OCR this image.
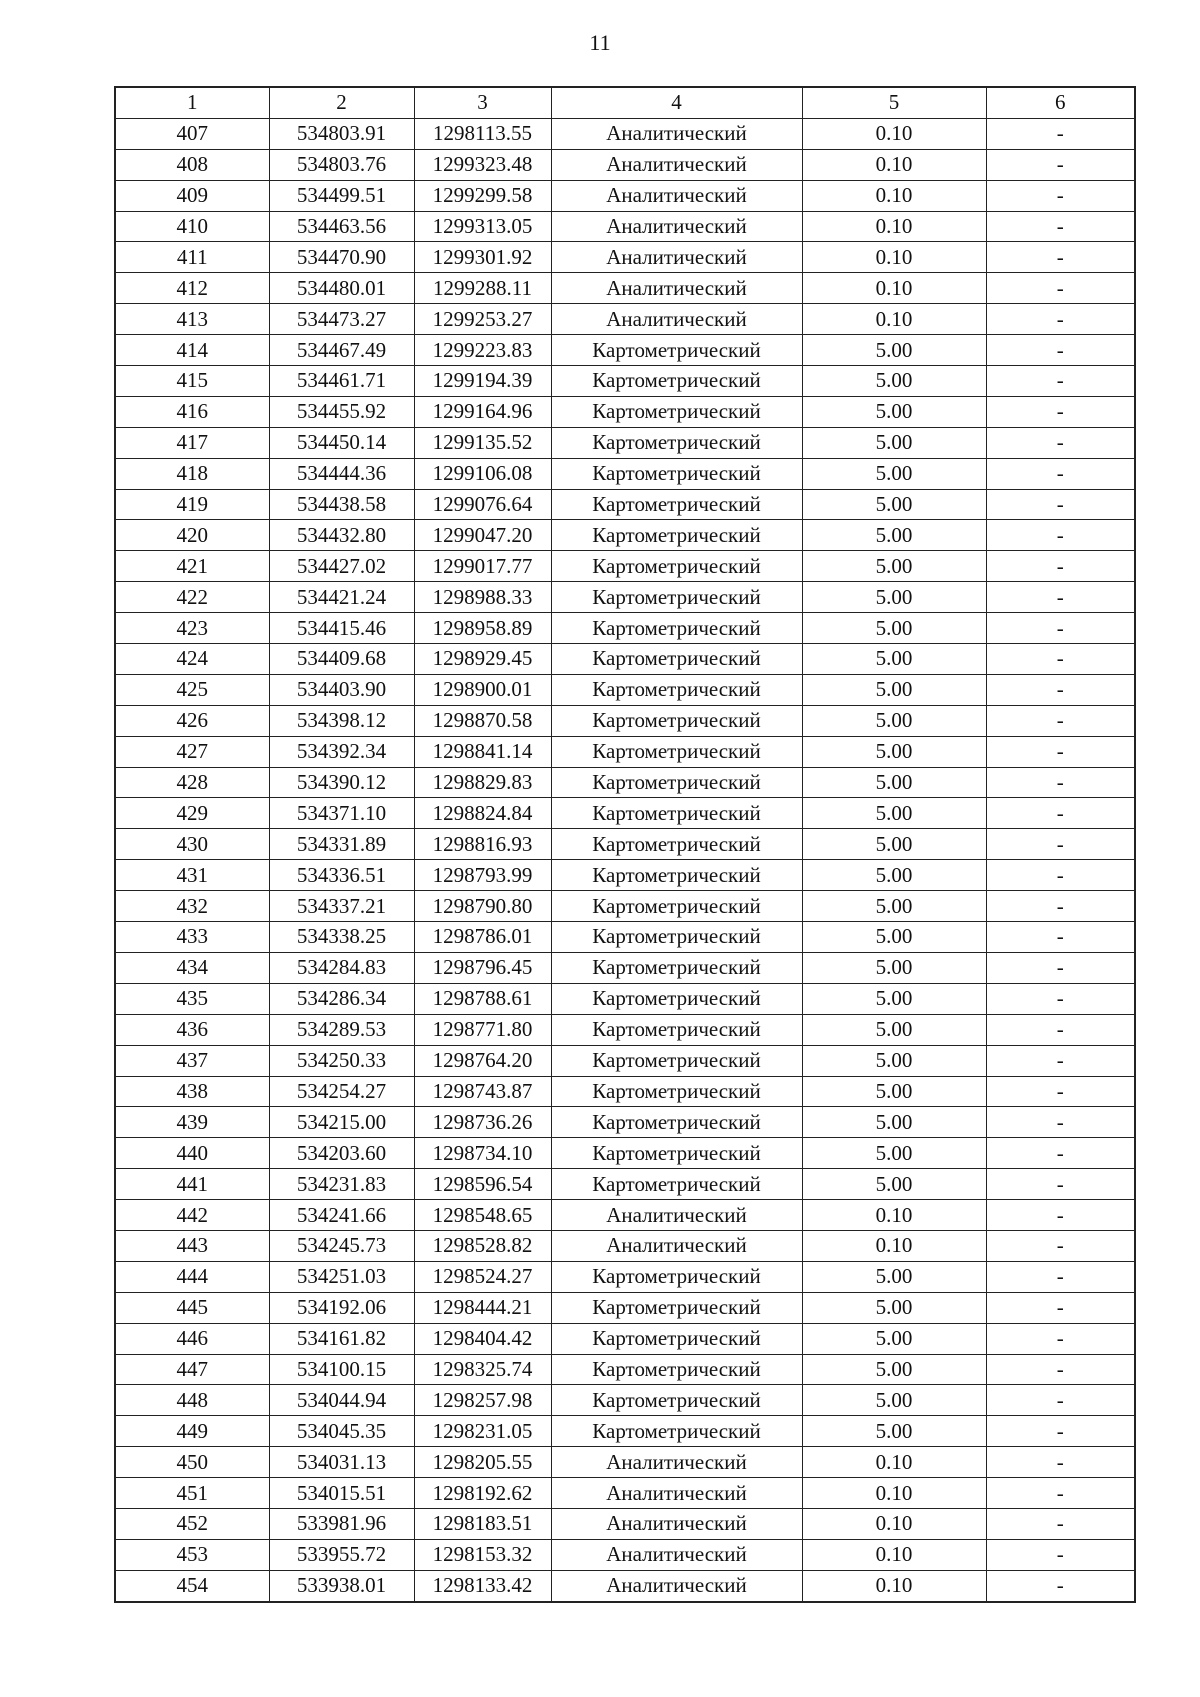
11
1	2	3	4	5	6
407	534803.91	1298113.55	Аналитический	0.10	-
408	534803.76	1299323.48	Аналитический	0.10	-
409	534499.51	1299299.58	Аналитический	0.10	-
410	534463.56	1299313.05	Аналитический	0.10	-
411	534470.90	1299301.92	Аналитический	0.10	-
412	534480.01	1299288.11	Аналитический	0.10	-
413	534473.27	1299253.27	Аналитический	0.10	-
414	534467.49	1299223.83	Картометрический	5.00	-
415	534461.71	1299194.39	Картометрический	5.00	-
416	534455.92	1299164.96	Картометрический	5.00	-
417	534450.14	1299135.52	Картометрический	5.00	-
418	534444.36	1299106.08	Картометрический	5.00	-
419	534438.58	1299076.64	Картометрический	5.00	-
420	534432.80	1299047.20	Картометрический	5.00	-
421	534427.02	1299017.77	Картометрический	5.00	-
422	534421.24	1298988.33	Картометрический	5.00	-
423	534415.46	1298958.89	Картометрический	5.00	-
424	534409.68	1298929.45	Картометрический	5.00	-
425	534403.90	1298900.01	Картометрический	5.00	-
426	534398.12	1298870.58	Картометрический	5.00	-
427	534392.34	1298841.14	Картометрический	5.00	-
428	534390.12	1298829.83	Картометрический	5.00	-
429	534371.10	1298824.84	Картометрический	5.00	-
430	534331.89	1298816.93	Картометрический	5.00	-
431	534336.51	1298793.99	Картометрический	5.00	-
432	534337.21	1298790.80	Картометрический	5.00	-
433	534338.25	1298786.01	Картометрический	5.00	-
434	534284.83	1298796.45	Картометрический	5.00	-
435	534286.34	1298788.61	Картометрический	5.00	-
436	534289.53	1298771.80	Картометрический	5.00	-
437	534250.33	1298764.20	Картометрический	5.00	-
438	534254.27	1298743.87	Картометрический	5.00	-
439	534215.00	1298736.26	Картометрический	5.00	-
440	534203.60	1298734.10	Картометрический	5.00	-
441	534231.83	1298596.54	Картометрический	5.00	-
442	534241.66	1298548.65	Аналитический	0.10	-
443	534245.73	1298528.82	Аналитический	0.10	-
444	534251.03	1298524.27	Картометрический	5.00	-
445	534192.06	1298444.21	Картометрический	5.00	-
446	534161.82	1298404.42	Картометрический	5.00	-
447	534100.15	1298325.74	Картометрический	5.00	-
448	534044.94	1298257.98	Картометрический	5.00	-
449	534045.35	1298231.05	Картометрический	5.00	-
450	534031.13	1298205.55	Аналитический	0.10	-
451	534015.51	1298192.62	Аналитический	0.10	-
452	533981.96	1298183.51	Аналитический	0.10	-
453	533955.72	1298153.32	Аналитический	0.10	-
454	533938.01	1298133.42	Аналитический	0.10	-
